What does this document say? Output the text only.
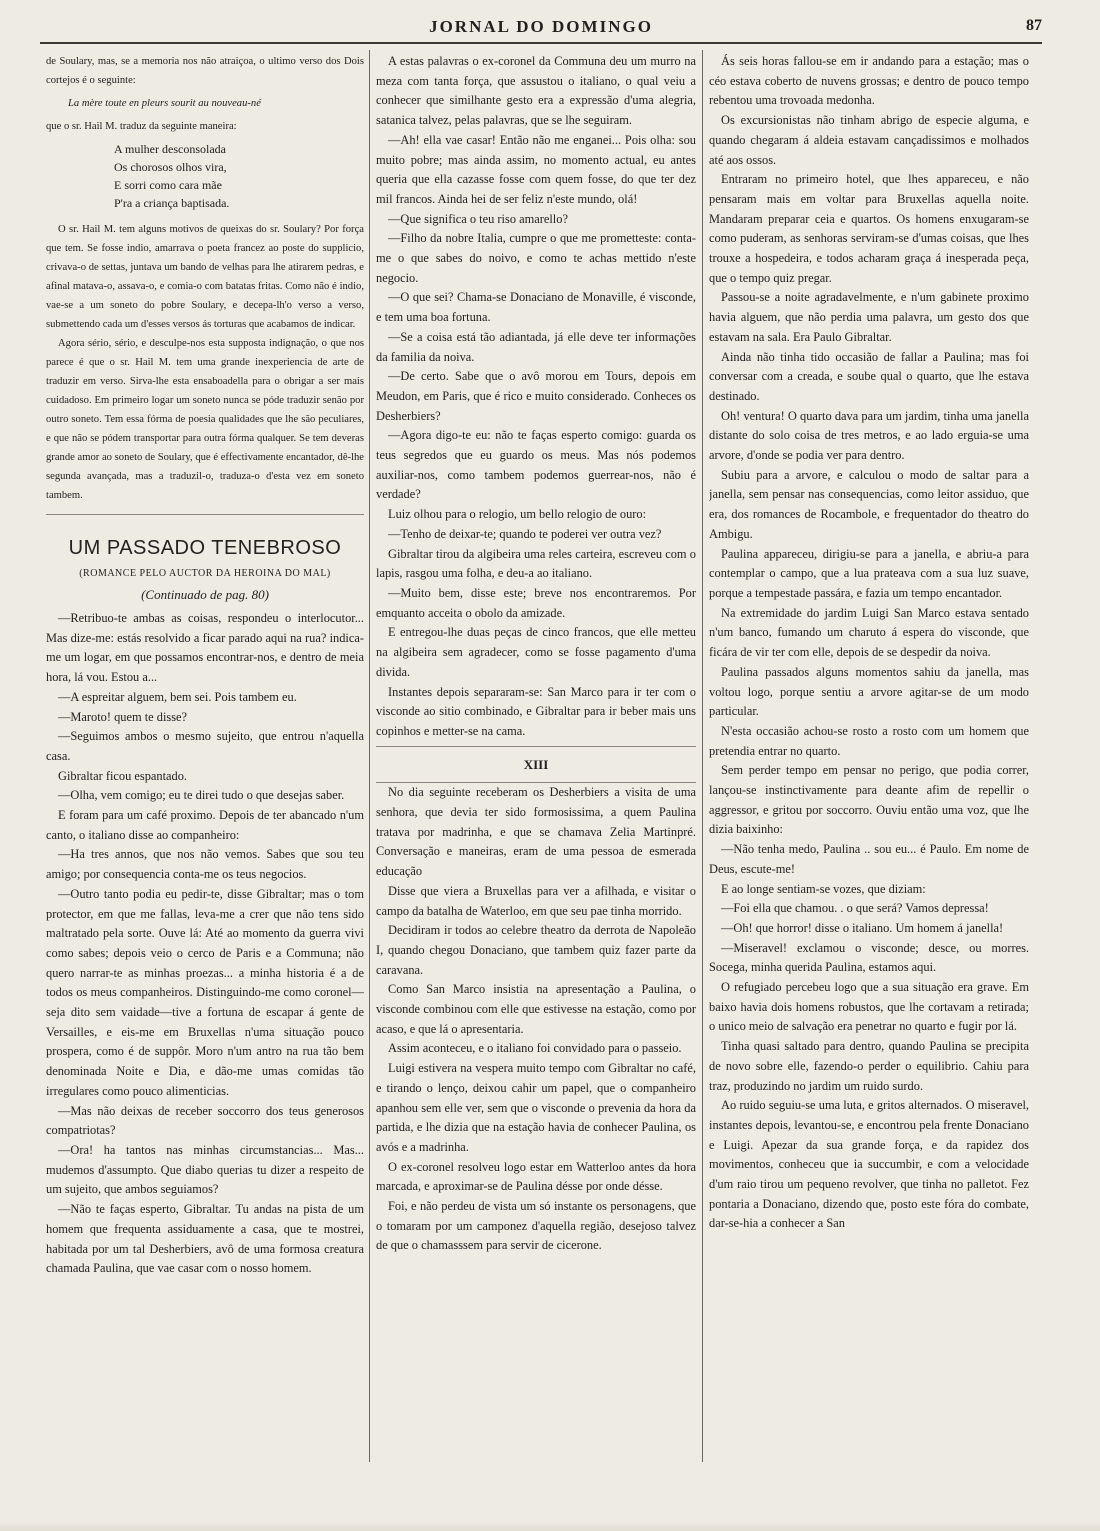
JORNAL DO DOMINGO	87

de Soulary, mas, se a memoria nos não atraiçoa, o ultimo verso dos Dois cortejos é o seguinte:

La mère toute en pleurs sourit au nouveau-né

que o sr. Hail M. traduz da seguinte maneira:

A mulher desconsolada
Os chorosos olhos vira,
E sorri como cara mãe
P'ra a criança baptisada.

O sr. Hail M. tem alguns motivos de queixas do sr. Soulary? Por força que tem. Se fosse indio, amarrava o poeta francez ao poste do supplicio, crivava-o de settas, juntava um bando de velhas para lhe atirarem pedras, e afinal matava-o, assava-o, e comia-o com batatas fritas. Como não é indio, vae-se a um soneto do pobre Soulary, e decepa-lh'o verso a verso, submettendo cada um d'esses versos ás torturas que acabamos de indicar.

Agora sério, sério, e desculpe-nos esta supposta indignação, o que nos parece é que o sr. Hail M. tem uma grande inexperiencia de arte de traduzir em verso. Sirva-lhe esta ensaboadella para o obrigar a ser mais cuidadoso. Em primeiro logar um soneto nunca se póde traduzir senão por outro soneto. Tem essa fórma de poesia qualidades que lhe são peculiares, e que não se pódem transportar para outra fórma qualquer. Se tem deveras grande amor ao soneto de Soulary, que é effectivamente encantador, dê-lhe segunda avançada, mas a traduzil-o, traduza-o d'esta vez em soneto tambem.

UM PASSADO TENEBROSO
(ROMANCE PELO AUCTOR DA HEROINA DO MAL)
(Continuado de pag. 80)

—Retribuo-te ambas as coisas, respondeu o interlocutor... Mas dize-me: estás resolvido a ficar parado aqui na rua? indica-me um logar, em que possamos encontrar-nos, e dentro de meia hora, lá vou. Estou a...

—A espreitar alguem, bem sei. Pois tambem eu.

—Maroto! quem te disse?

—Seguimos ambos o mesmo sujeito, que entrou n'aquella casa.

Gibraltar ficou espantado.

—Olha, vem comigo; eu te direi tudo o que desejas saber.

E foram para um café proximo. Depois de ter abancado n'um canto, o italiano disse ao companheiro:

—Ha tres annos, que nos não vemos. Sabes que sou teu amigo; por consequencia conta-me os teus negocios.

—Outro tanto podia eu pedir-te, disse Gibraltar; mas o tom protector, em que me fallas, leva-me a crer que não tens sido maltratado pela sorte. Ouve lá: Até ao momento da guerra vivi como sabes; depois veio o cerco de Paris e a Communa; não quero narrar-te as minhas proezas... a minha historia é a de todos os meus companheiros. Distinguindo-me como coronel—seja dito sem vaidade—tive a fortuna de escapar á gente de Versailles, e eis-me em Bruxellas n'uma situação pouco prospera, como é de suppôr. Moro n'um antro na rua tão bem denominada Noite e Dia, e dão-me umas comidas tão irregulares como pouco alimenticias.

—Mas não deixas de receber soccorro dos teus generosos compatriotas?

—Ora! ha tantos nas minhas circumstancias... Mas... mudemos d'assumpto. Que diabo querias tu dizer a respeito de um sujeito, que ambos seguiamos?

—Não te faças esperto, Gibraltar. Tu andas na pista de um homem que frequenta assiduamente a casa, que te mostrei, habitada por um tal Desherbiers, avô de uma formosa creatura chamada Paulina, que vae casar com o nosso homem.

A estas palavras o ex-coronel da Communa deu um murro na meza com tanta força, que assustou o italiano, o qual veiu a conhecer que similhante gesto era a expressão d'uma alegria, satanica talvez, pelas palavras, que se lhe seguiram.

—Ah! ella vae casar! Então não me enganei... Pois olha: sou muito pobre; mas ainda assim, no momento actual, eu antes queria que ella cazasse fosse com quem fosse, do que ter dez mil francos. Ainda hei de ser feliz n'este mundo, olá!

—Que significa o teu riso amarello?

—Filho da nobre Italia, cumpre o que me prometteste: conta-me o que sabes do noivo, e como te achas mettido n'este negocio.

—O que sei? Chama-se Donaciano de Monaville, é visconde, e tem uma boa fortuna.

—Se a coisa está tão adiantada, já elle deve ter informações da familia da noiva.

—De certo. Sabe que o avô morou em Tours, depois em Meudon, em Paris, que é rico e muito considerado. Conheces os Desherbiers?

—Agora digo-te eu: não te faças esperto comigo: guarda os teus segredos que eu guardo os meus. Mas nós podemos auxiliar-nos, como tambem podemos guerrear-nos, não é verdade?

Luiz olhou para o relogio, um bello relogio de ouro:

—Tenho de deixar-te; quando te poderei ver outra vez?

Gibraltar tirou da algibeira uma reles carteira, escreveu com o lapis, rasgou uma folha, e deu-a ao italiano.

—Muito bem, disse este; breve nos encontraremos. Por emquanto acceita o obolo da amizade.

E entregou-lhe duas peças de cinco francos, que elle metteu na algibeira sem agradecer, como se fosse pagamento d'uma divida.

Instantes depois separaram-se: San Marco para ir ter com o visconde ao sitio combinado, e Gibraltar para ir beber mais uns copinhos e metter-se na cama.

XIII

No dia seguinte receberam os Desherbiers a visita de uma senhora, que devia ter sido formosissima, a quem Paulina tratava por madrinha, e que se chamava Zelia Martinpré. Conversação e maneiras, eram de uma pessoa de esmerada educação

Disse que viera a Bruxellas para ver a afilhada, e visitar o campo da batalha de Waterloo, em que seu pae tinha morrido.

Decidiram ir todos ao celebre theatro da derrota de Napoleão I, quando chegou Donaciano, que tambem quiz fazer parte da caravana.

Como San Marco insistia na apresentação a Paulina, o visconde combinou com elle que estivesse na estação, como por acaso, e que lá o apresentaria.

Assim aconteceu, e o italiano foi convidado para o passeio.

Luigi estivera na vespera muito tempo com Gibraltar no café, e tirando o lenço, deixou cahir um papel, que o companheiro apanhou sem elle ver, sem que o visconde o prevenia da hora da partida, e lhe dizia que na estação havia de conhecer Paulina, os avós e a madrinha.

O ex-coronel resolveu logo estar em Watterloo antes da hora marcada, e aproximar-se de Paulina désse por onde désse.

Foi, e não perdeu de vista um só instante os personagens, que o tomaram por um camponez d'aquella região, desejoso talvez de que o chamasssem para servir de cicerone.

Ás seis horas fallou-se em ir andando para a estação; mas o céo estava coberto de nuvens grossas; e dentro de pouco tempo rebentou uma trovoada medonha.

Os excursionistas não tinham abrigo de especie alguma, e quando chegaram á aldeia estavam cançadissimos e molhados até aos ossos.

Entraram no primeiro hotel, que lhes appareceu, e não pensaram mais em voltar para Bruxellas aquella noite. Mandaram preparar ceia e quartos. Os homens enxugaram-se como puderam, as senhoras serviram-se d'umas coisas, que lhes trouxe a hospedeira, e todos acharam graça á inesperada peça, que o tempo quiz pregar.

Passou-se a noite agradavelmente, e n'um gabinete proximo havia alguem, que não perdia uma palavra, um gesto dos que estavam na sala. Era Paulo Gibraltar.

Ainda não tinha tido occasião de fallar a Paulina; mas foi conversar com a creada, e soube qual o quarto, que lhe estava destinado.

Oh! ventura! O quarto dava para um jardim, tinha uma janella distante do solo coisa de tres metros, e ao lado erguia-se uma arvore, d'onde se podia ver para dentro.

Subiu para a arvore, e calculou o modo de saltar para a janella, sem pensar nas consequencias, como leitor assiduo, que era, dos romances de Rocambole, e frequentador do theatro do Ambigu.

Paulina appareceu, dirigiu-se para a janella, e abriu-a para contemplar o campo, que a lua prateava com a sua luz suave, porque a tempestade passára, e fazia um tempo encantador.

Na extremidade do jardim Luigi San Marco estava sentado n'um banco, fumando um charuto á espera do visconde, que ficára de vir ter com elle, depois de se despedir da noiva.

Paulina passados alguns momentos sahiu da janella, mas voltou logo, porque sentiu a arvore agitar-se de um modo particular.

N'esta occasião achou-se rosto a rosto com um homem que pretendia entrar no quarto.

Sem perder tempo em pensar no perigo, que podia correr, lançou-se instinctivamente para deante afim de repellir o aggressor, e gritou por soccorro. Ouviu então uma voz, que lhe dizia baixinho:

—Não tenha medo, Paulina .. sou eu... é Paulo. Em nome de Deus, escute-me!

E ao longe sentiam-se vozes, que diziam:

—Foi ella que chamou. . o que será? Vamos depressa!

—Oh! que horror! disse o italiano. Um homem á janella!

—Miseravel! exclamou o visconde; desce, ou morres. Socega, minha querida Paulina, estamos aqui.

O refugiado percebeu logo que a sua situação era grave. Em baixo havia dois homens robustos, que lhe cortavam a retirada; o unico meio de salvação era penetrar no quarto e fugir por lá.

Tinha quasi saltado para dentro, quando Paulina se precipita de novo sobre elle, fazendo-o perder o equilibrio. Cahiu para traz, produzindo no jardim um ruido surdo.

Ao ruido seguiu-se uma luta, e gritos alternados. O miseravel, instantes depois, levantou-se, e encontrou pela frente Donaciano e Luigi. Apezar da sua grande força, e da rapidez dos movimentos, conheceu que ia succumbir, e com a velocidade d'um raio tirou um pequeno revolver, que tinha no palletot. Fez pontaria a Donaciano, dizendo que, posto este fóra do combate, dar-se-hia a conhecer a San
